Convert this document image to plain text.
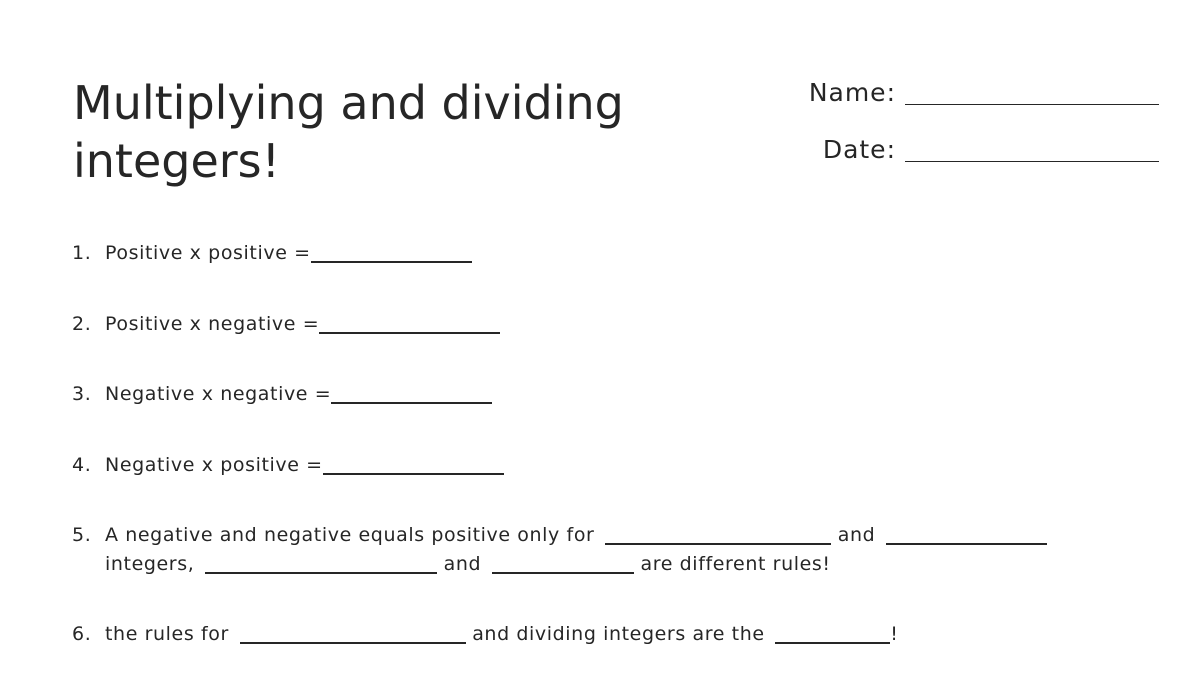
Multiplying and dividing integers!
Name:
Date:
1. Positive x positive =
2. Positive x negative =
3. Negative x negative =
4. Negative x positive =
5. A negative and negative equals positive only for	and
integers,	and	are different rules!
6. the rules for	and dividing integers are the	!
